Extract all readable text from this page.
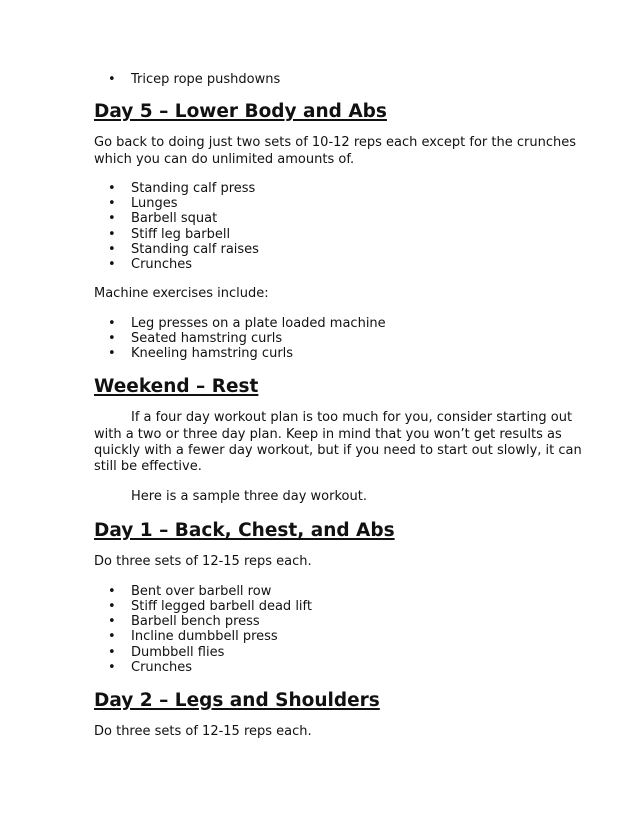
• Tricep rope pushdowns
Day 5 – Lower Body and Abs

Go back to doing just two sets of 10-12 reps each except for the crunches which you can do unlimited amounts of.

• Standing calf press
• Lunges
• Barbell squat
• Stiff leg barbell
• Standing calf raises
• Crunches

Machine exercises include:

• Leg presses on a plate loaded machine
• Seated hamstring curls
• Kneeling hamstring curls
Weekend – Rest

If a four day workout plan is too much for you, consider starting out with a two or three day plan. Keep in mind that you won’t get results as quickly with a fewer day workout, but if you need to start out slowly, it can still be effective.

Here is a sample three day workout.

Day 1 – Back, Chest, and Abs

Do three sets of 12-15 reps each.

• Bent over barbell row
• Stiff legged barbell dead lift
• Barbell bench press
• Incline dumbbell press
• Dumbbell flies
• Crunches
Day 2 – Legs and Shoulders

Do three sets of 12-15 reps each.
